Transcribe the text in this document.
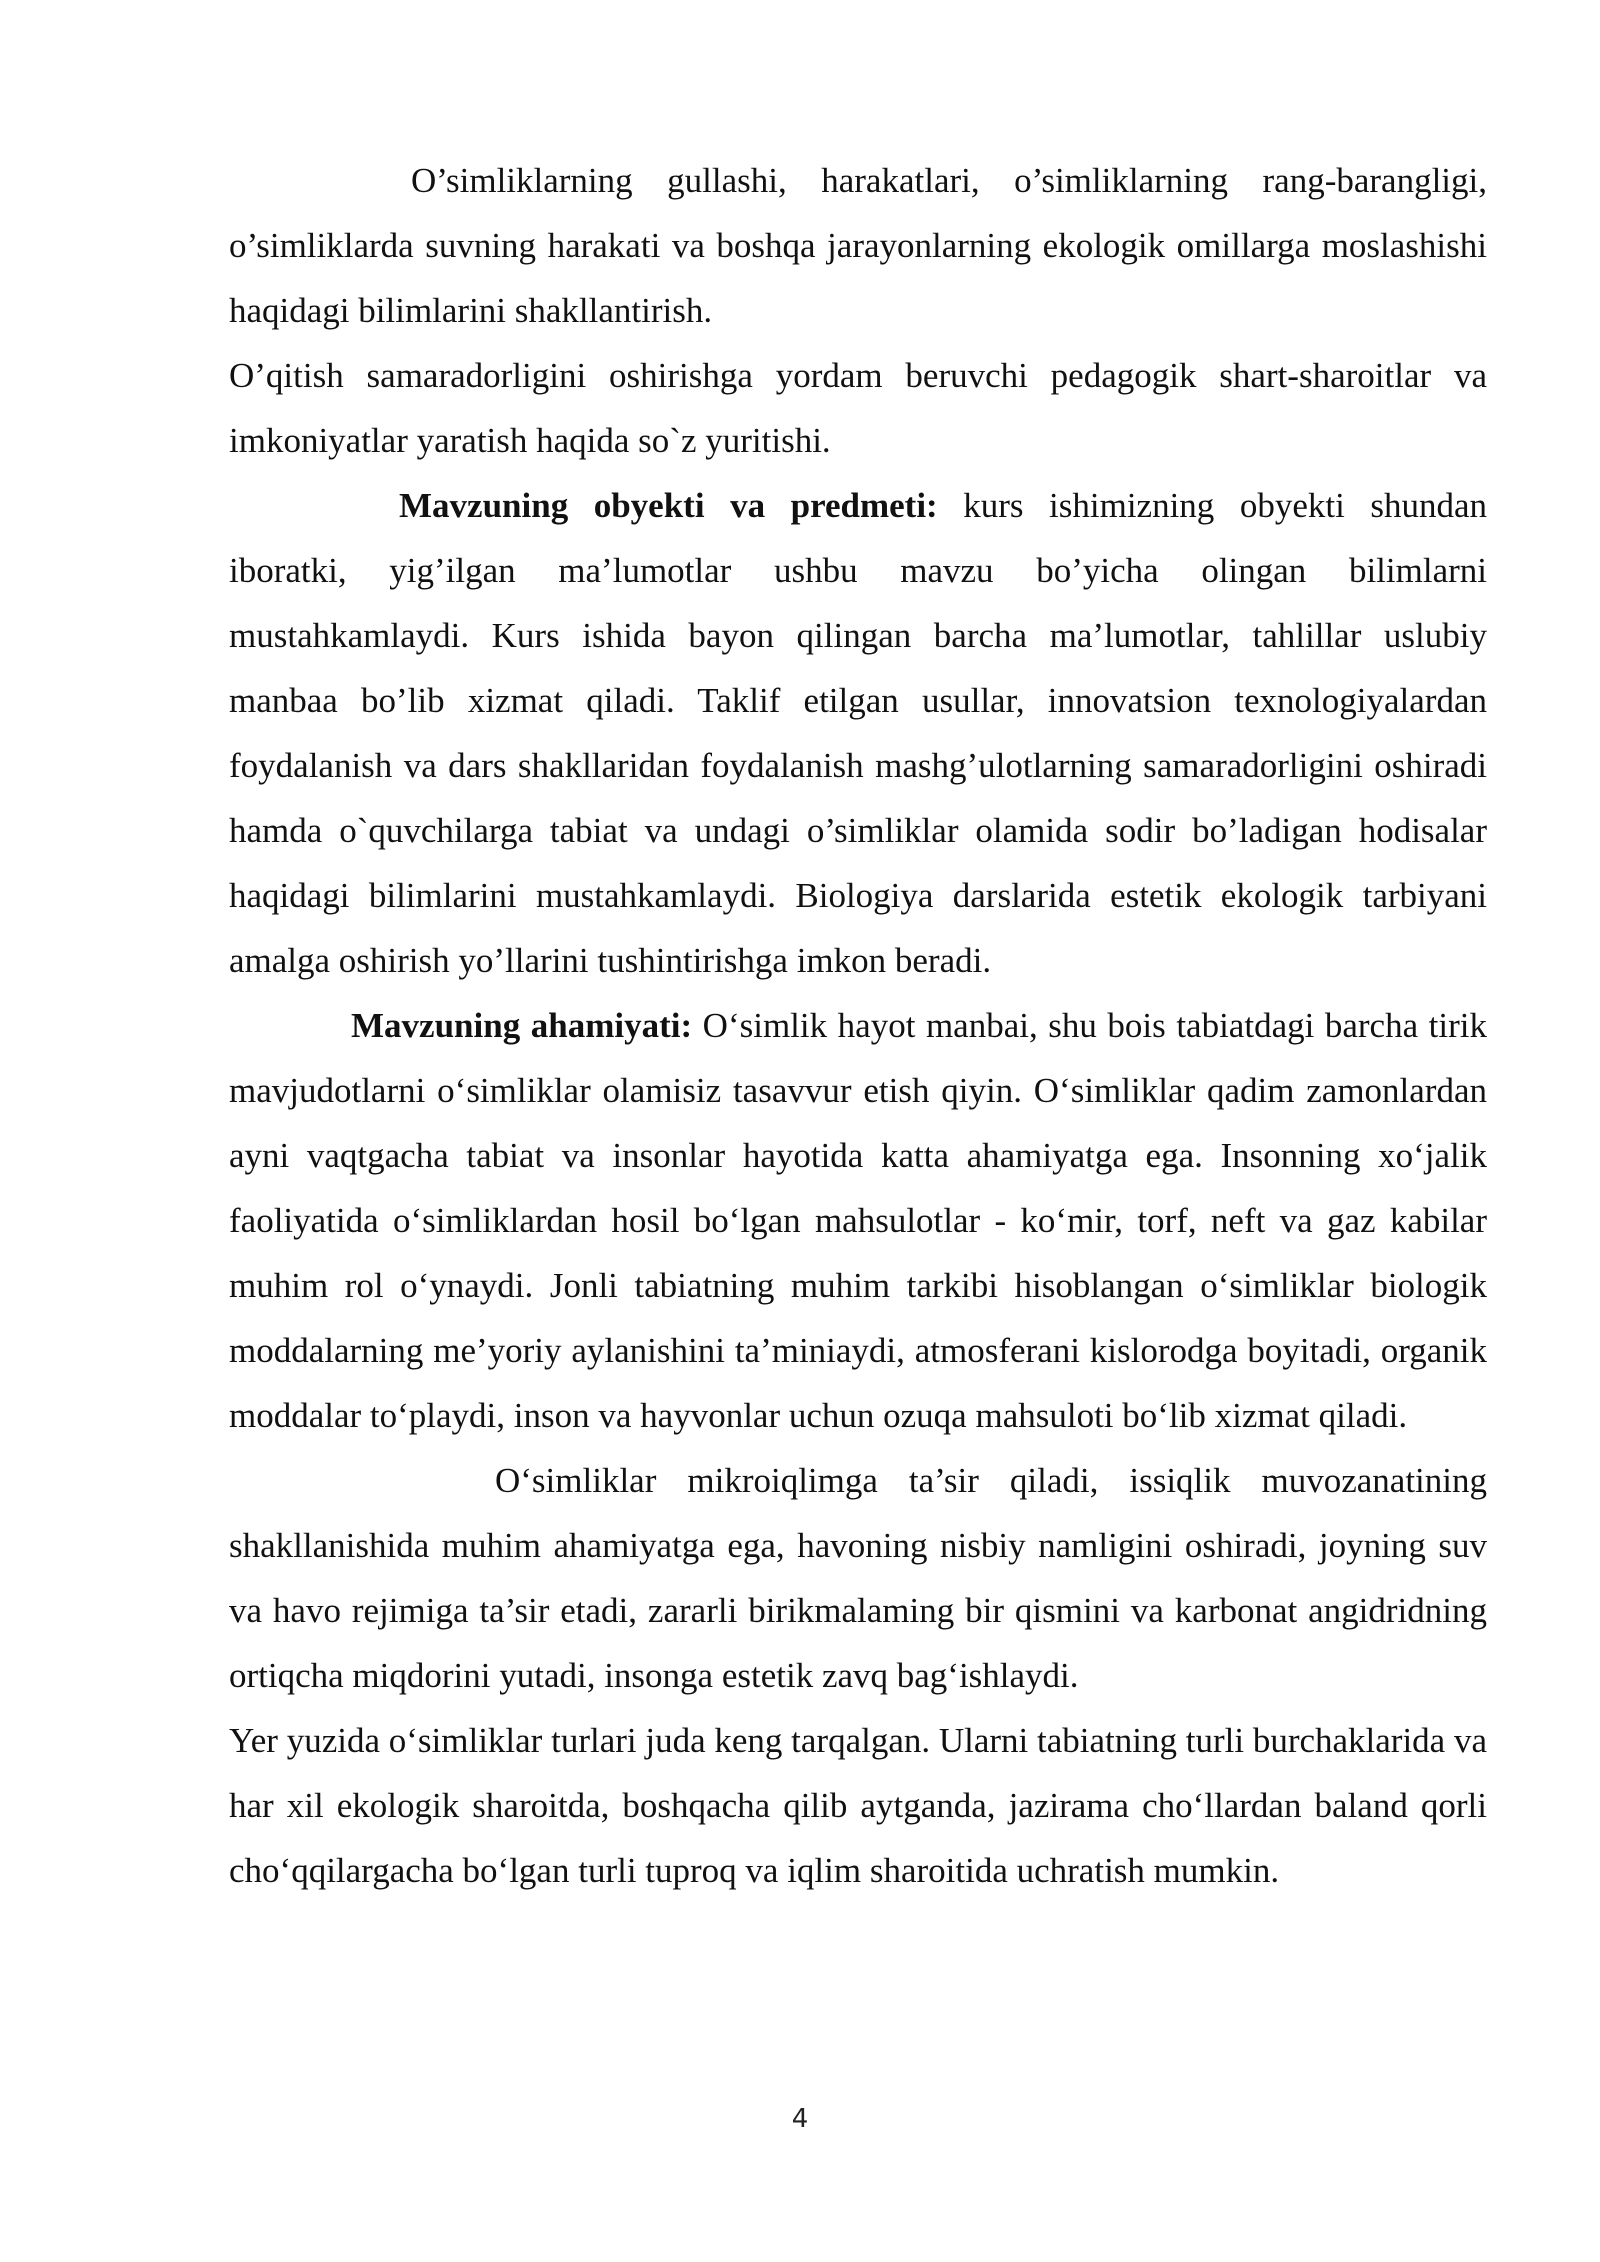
O’simliklarning gullashi, harakatlari, o’simliklarning rang-barangligi, o’simliklarda suvning harakati va boshqa jarayonlarning ekologik omillarga moslashishi haqidagi bilimlarini shakllantirish.

O’qitish samaradorligini oshirishga yordam beruvchi pedagogik shart-sharoitlar va imkoniyatlar yaratish haqida so`z yuritishi.

Mavzuning obyekti va predmeti: kurs ishimizning obyekti shundan iboratki, yig’ilgan ma’lumotlar ushbu mavzu bo’yicha olingan bilimlarni mustahkamlaydi. Kurs ishida bayon qilingan barcha ma’lumotlar, tahlillar uslubiy manbaa bo’lib xizmat qiladi. Taklif etilgan usullar, innovatsion texnologiyalardan foydalanish va dars shakllaridan foydalanish mashg’ulotlarning samaradorligini oshiradi hamda o`quvchilarga tabiat va undagi o’simliklar olamida sodir bo’ladigan hodisalar haqidagi bilimlarini mustahkamlaydi. Biologiya darslarida estetik ekologik tarbiyani amalga oshirish yo’llarini tushintirishga imkon beradi.

Mavzuning ahamiyati: O‘simlik hayot manbai, shu bois tabiatdagi barcha tirik mavjudotlarni o‘simliklar olamisiz tasavvur etish qiyin. O‘simliklar qadim zamonlardan ayni vaqtgacha tabiat va insonlar hayotida katta ahamiyatga ega. Insonning xo‘jalik faoliyatida o‘simliklardan hosil bo‘lgan mahsulotlar - ko‘mir, torf, neft va gaz kabilar muhim rol o‘ynaydi. Jonli tabiatning muhim tarkibi hisoblangan o‘simliklar biologik moddalarning me’yoriy aylanishini ta’miniaydi, atmosferani kislorodga boyitadi, organik moddalar to‘playdi, inson va hayvonlar uchun ozuqa mahsuloti bo‘lib xizmat qiladi.

O‘simliklar mikroiqlimga ta’sir qiladi, issiqlik muvozanatining shakllanishida muhim ahamiyatga ega, havoning nisbiy namligini oshiradi, joyning suv va havo rejimiga ta’sir etadi, zararli birikmalaming bir qismini va karbonat angidridning ortiqcha miqdorini yutadi, insonga estetik zavq bag‘ishlaydi.

Yer yuzida o‘simliklar turlari juda keng tarqalgan. Ularni tabiatning turli burchaklarida va har xil ekologik sharoitda, boshqacha qilib aytganda, jazirama cho‘llardan baland qorli cho‘qqilargacha bo‘lgan turli tuproq va iqlim sharoitida uchratish mumkin.

4
